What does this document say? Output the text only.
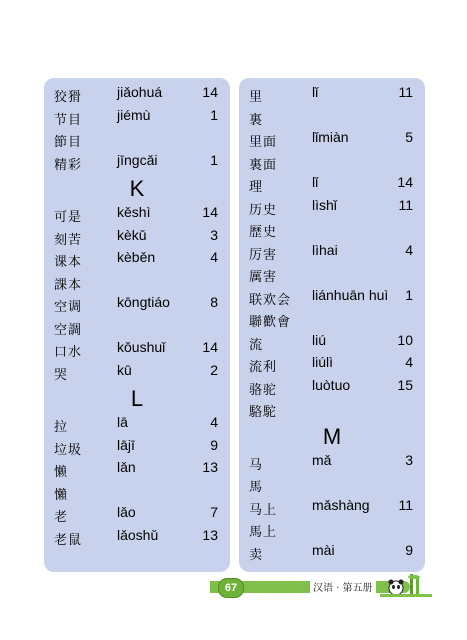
狡猾 jiǎohuá	14
节目 jiémù	1
節目
精彩 jīngcǎi	1
K
可是 kěshì	14
刻苦 kèkǔ	3
课本 kèběn	4
課本
空调 kōngtiáo	8
空調
口水 kǒushuǐ	14
哭	kū	2
L
拉	lā	4
垃圾 lājī	9
懒	lǎn	13
懶
老	lǎo	7
老鼠 lǎoshǔ	13
里	lǐ	11
裏
里面 lǐmiàn	5
裏面
理	lǐ	14
历史 lìshǐ	11
歷史
厉害 lìhai	4
厲害
联欢会 liánhuān huì 1
聯歡會
流	liú	10
流利 liúlì	4
骆驼 luòtuo	15
駱駝
M
马	mǎ	3
馬
马上 mǎshàng 11
馬上
卖	mài	9
67	汉语 · 第五册
